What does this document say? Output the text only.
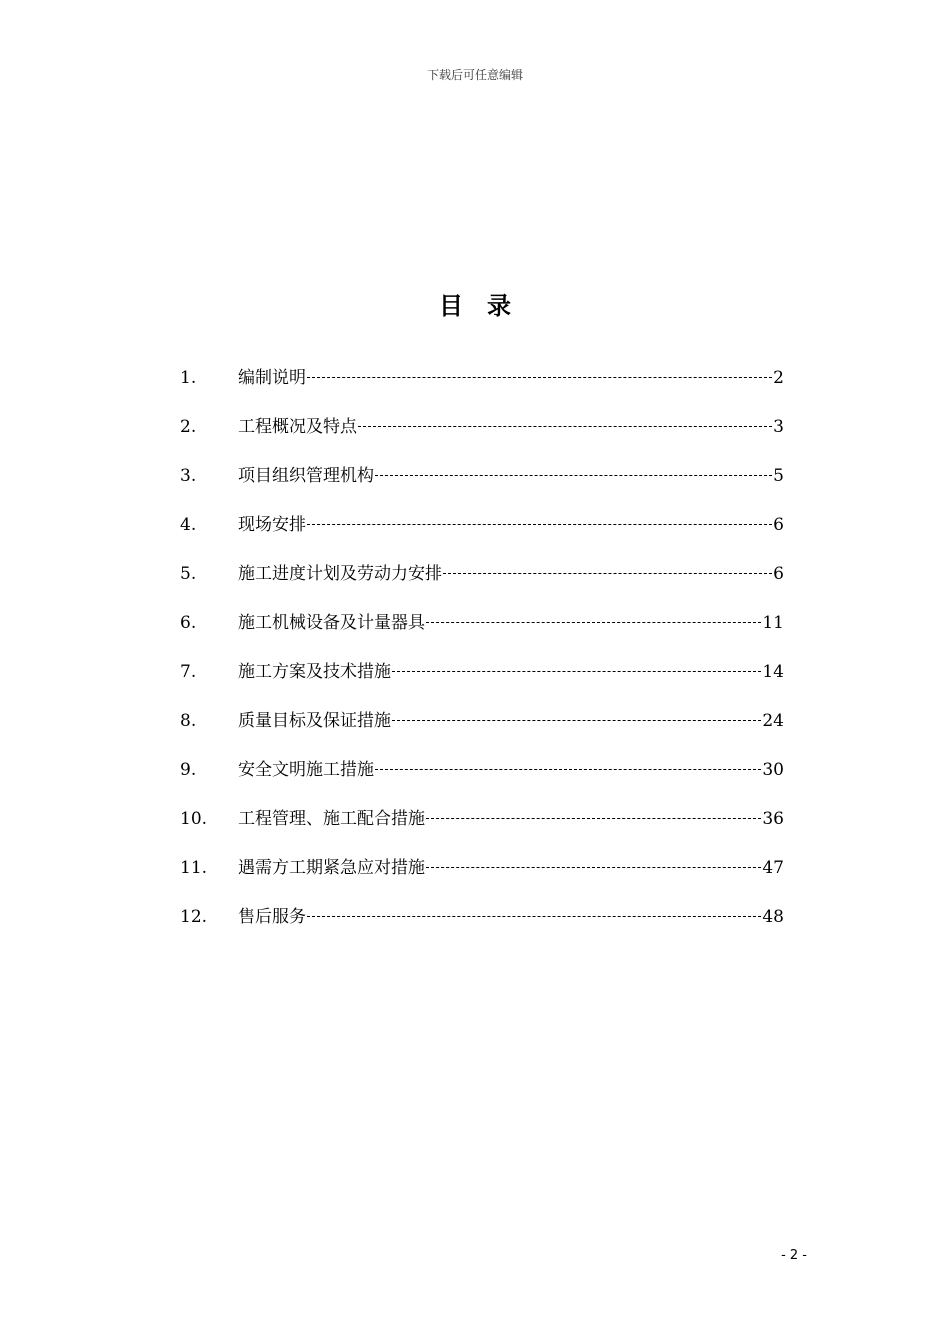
下载后可任意编辑
目录
1.	编制说明	2
2.	工程概况及特点	3
3.	项目组织管理机构	5
4.	现场安排	6
5.	施工进度计划及劳动力安排	6
6.	施工机械设备及计量器具	11
7.	施工方案及技术措施	14
8.	质量目标及保证措施	24
9.	安全文明施工措施	30
10.	工程管理、施工配合措施	36
11.	遇需方工期紧急应对措施	47
12.	售后服务	48
- 2 -
